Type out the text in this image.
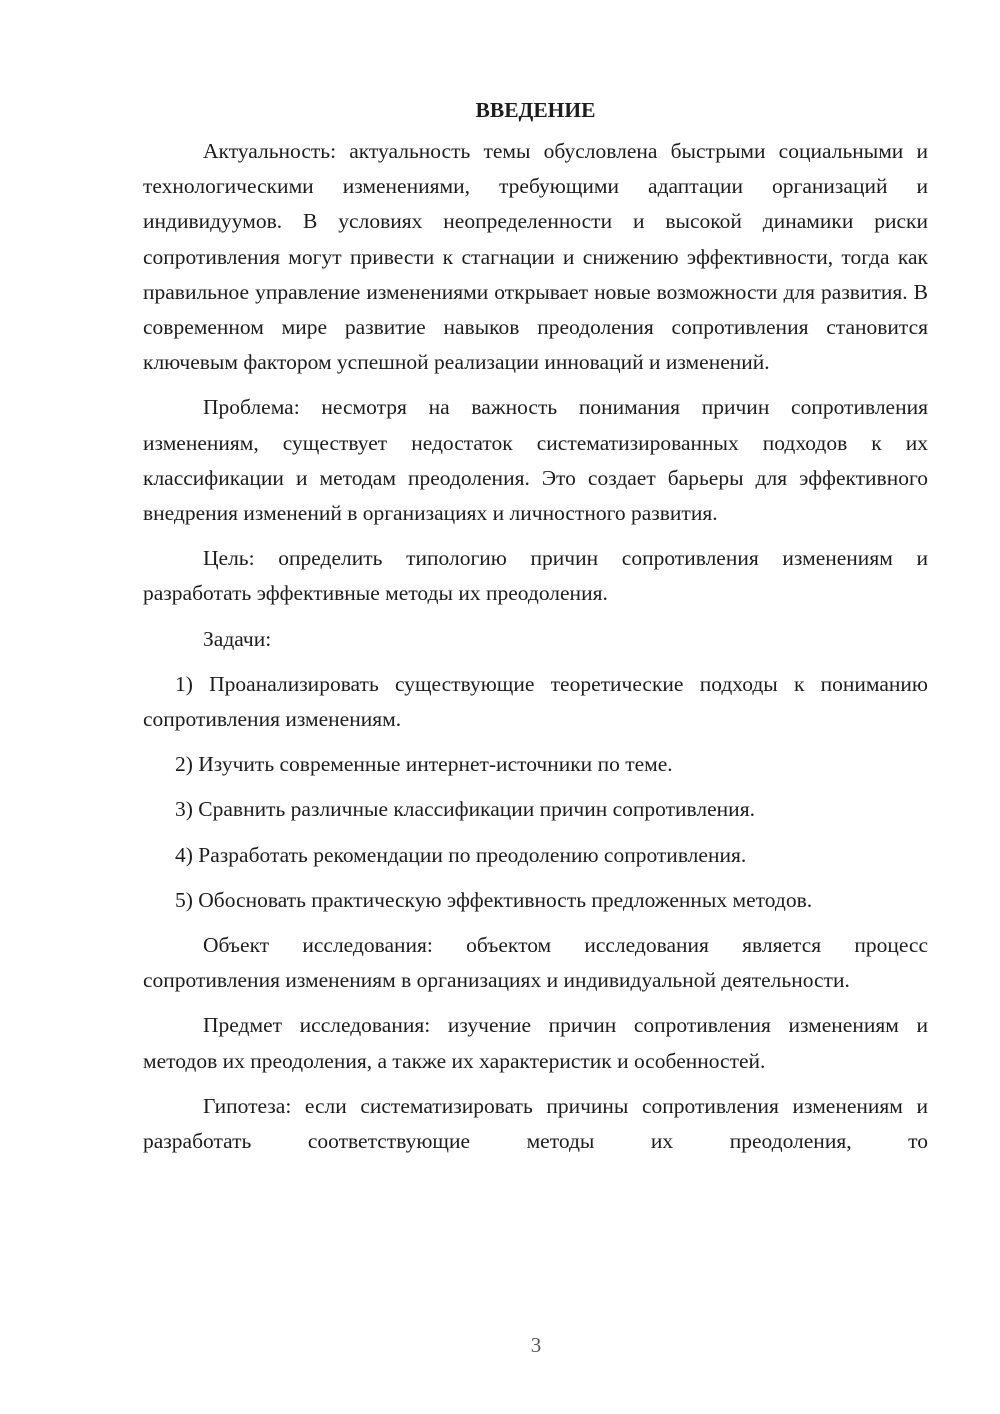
ВВЕДЕНИЕ

Актуальность: актуальность темы обусловлена быстрыми социальными и технологическими изменениями, требующими адаптации организаций и индивидуумов. В условиях неопределенности и высокой динамики риски сопротивления могут привести к стагнации и снижению эффективности, тогда как правильное управление изменениями открывает новые возможности для развития. В современном мире развитие навыков преодоления сопротивления становится ключевым фактором успешной реализации инноваций и изменений.

Проблема: несмотря на важность понимания причин сопротивления изменениям, существует недостаток систематизированных подходов к их классификации и методам преодоления. Это создает барьеры для эффективного внедрения изменений в организациях и личностного развития.

Цель: определить типологию причин сопротивления изменениям и разработать эффективные методы их преодоления.

Задачи:

1) Проанализировать существующие теоретические подходы к пониманию сопротивления изменениям.

2) Изучить современные интернет-источники по теме.

3) Сравнить различные классификации причин сопротивления.

4) Разработать рекомендации по преодолению сопротивления.

5) Обосновать практическую эффективность предложенных методов.

Объект исследования: объектом исследования является процесс сопротивления изменениям в организациях и индивидуальной деятельности.

Предмет исследования: изучение причин сопротивления изменениям и методов их преодоления, а также их характеристик и особенностей.

Гипотеза: если систематизировать причины сопротивления изменениям и разработать соответствующие методы их преодоления, то

3
